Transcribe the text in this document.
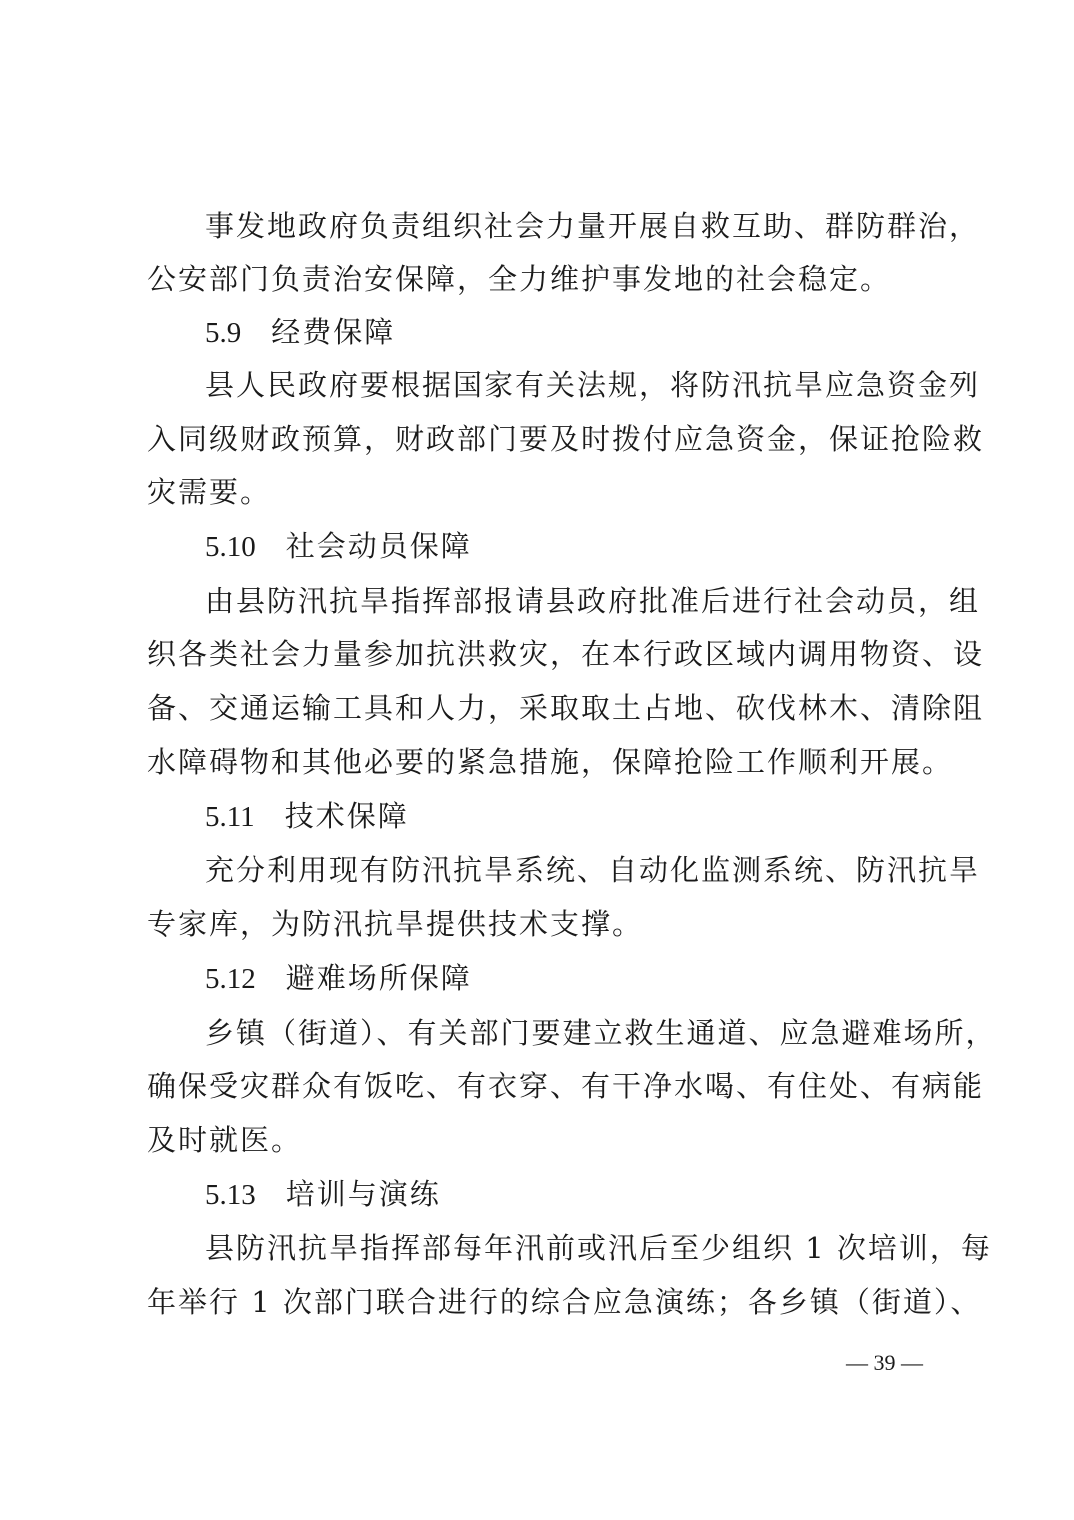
事发地政府负责组织社会力量开展自救互助、群防群治，
公安部门负责治安保障，全力维护事发地的社会稳定。
5.9 经费保障
县人民政府要根据国家有关法规，将防汛抗旱应急资金列
入同级财政预算，财政部门要及时拨付应急资金，保证抢险救
灾需要。
5.10 社会动员保障
由县防汛抗旱指挥部报请县政府批准后进行社会动员，组
织各类社会力量参加抗洪救灾，在本行政区域内调用物资、设
备、交通运输工具和人力，采取取土占地、砍伐林木、清除阻
水障碍物和其他必要的紧急措施，保障抢险工作顺利开展。
5.11 技术保障
充分利用现有防汛抗旱系统、自动化监测系统、防汛抗旱
专家库，为防汛抗旱提供技术支撑。
5.12 避难场所保障
乡镇（街道）、有关部门要建立救生通道、应急避难场所，
确保受灾群众有饭吃、有衣穿、有干净水喝、有住处、有病能
及时就医。
5.13 培训与演练
县防汛抗旱指挥部每年汛前或汛后至少组织 1 次培训，每
年举行 1 次部门联合进行的综合应急演练；各乡镇（街道）、
— 39 —
